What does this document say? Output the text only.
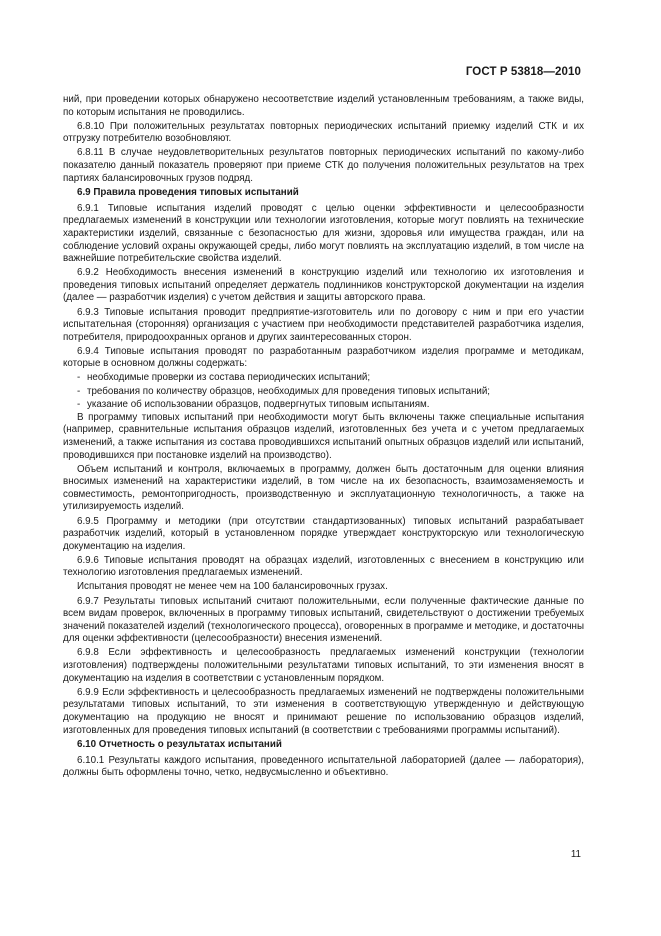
ГОСТ Р 53818—2010

ний, при проведении которых обнаружено несоответствие изделий установленным требованиям, а также виды, по которым испытания не проводились.

6.8.10 При положительных результатах повторных периодических испытаний приемку изделий СТК и их отгрузку потребителю возобновляют.

6.8.11 В случае неудовлетворительных результатов повторных периодических испытаний по какому-либо показателю данный показатель проверяют при приеме СТК до получения положительных результатов на трех партиях балансировочных грузов подряд.

6.9 Правила проведения типовых испытаний

6.9.1 Типовые испытания изделий проводят с целью оценки эффективности и целесообразности предлагаемых изменений в конструкции или технологии изготовления, которые могут повлиять на технические характеристики изделий, связанные с безопасностью для жизни, здоровья или имущества граждан, или на соблюдение условий охраны окружающей среды, либо могут повлиять на эксплуатацию изделий, в том числе на важнейшие потребительские свойства изделий.

6.9.2 Необходимость внесения изменений в конструкцию изделий или технологию их изготовления и проведения типовых испытаний определяет держатель подлинников конструкторской документации на изделия (далее — разработчик изделия) с учетом действия и защиты авторского права.

6.9.3 Типовые испытания проводит предприятие-изготовитель или по договору с ним и при его участии испытательная (сторонняя) организация с участием при необходимости представителей разработчика изделия, потребителя, природоохранных органов и других заинтересованных сторон.

6.9.4 Типовые испытания проводят по разработанным разработчиком изделия программе и методикам, которые в основном должны содержать:

- необходимые проверки из состава периодических испытаний;
- требования по количеству образцов, необходимых для проведения типовых испытаний;
- указание об использовании образцов, подвергнутых типовым испытаниям.

В программу типовых испытаний при необходимости могут быть включены также специальные испытания (например, сравнительные испытания образцов изделий, изготовленных без учета и с учетом предлагаемых изменений, а также испытания из состава проводившихся испытаний опытных образцов изделий или испытаний, проводившихся при постановке изделий на производство).

Объем испытаний и контроля, включаемых в программу, должен быть достаточным для оценки влияния вносимых изменений на характеристики изделий, в том числе на их безопасность, взаимозаменяемость и совместимость, ремонтопригодность, производственную и эксплуатационную технологичность, а также на утилизируемость изделий.

6.9.5 Программу и методики (при отсутствии стандартизованных) типовых испытаний разрабатывает разработчик изделий, который в установленном порядке утверждает конструкторскую или технологическую документацию на изделия.

6.9.6 Типовые испытания проводят на образцах изделий, изготовленных с внесением в конструкцию или технологию изготовления предлагаемых изменений.

Испытания проводят не менее чем на 100 балансировочных грузах.

6.9.7 Результаты типовых испытаний считают положительными, если полученные фактические данные по всем видам проверок, включенных в программу типовых испытаний, свидетельствуют о достижении требуемых значений показателей изделий (технологического процесса), оговоренных в программе и методике, и достаточны для оценки эффективности (целесообразности) внесения изменений.

6.9.8 Если эффективность и целесообразность предлагаемых изменений конструкции (технологии изготовления) подтверждены положительными результатами типовых испытаний, то эти изменения вносят в документацию на изделия в соответствии с установленным порядком.

6.9.9 Если эффективность и целесообразность предлагаемых изменений не подтверждены положительными результатами типовых испытаний, то эти изменения в соответствующую утвержденную и действующую документацию на продукцию не вносят и принимают решение по использованию образцов изделий, изготовленных для проведения типовых испытаний (в соответствии с требованиями программы испытаний).

6.10 Отчетность о результатах испытаний

6.10.1 Результаты каждого испытания, проведенного испытательной лабораторией (далее — лаборатория), должны быть оформлены точно, четко, недвусмысленно и объективно.

11
